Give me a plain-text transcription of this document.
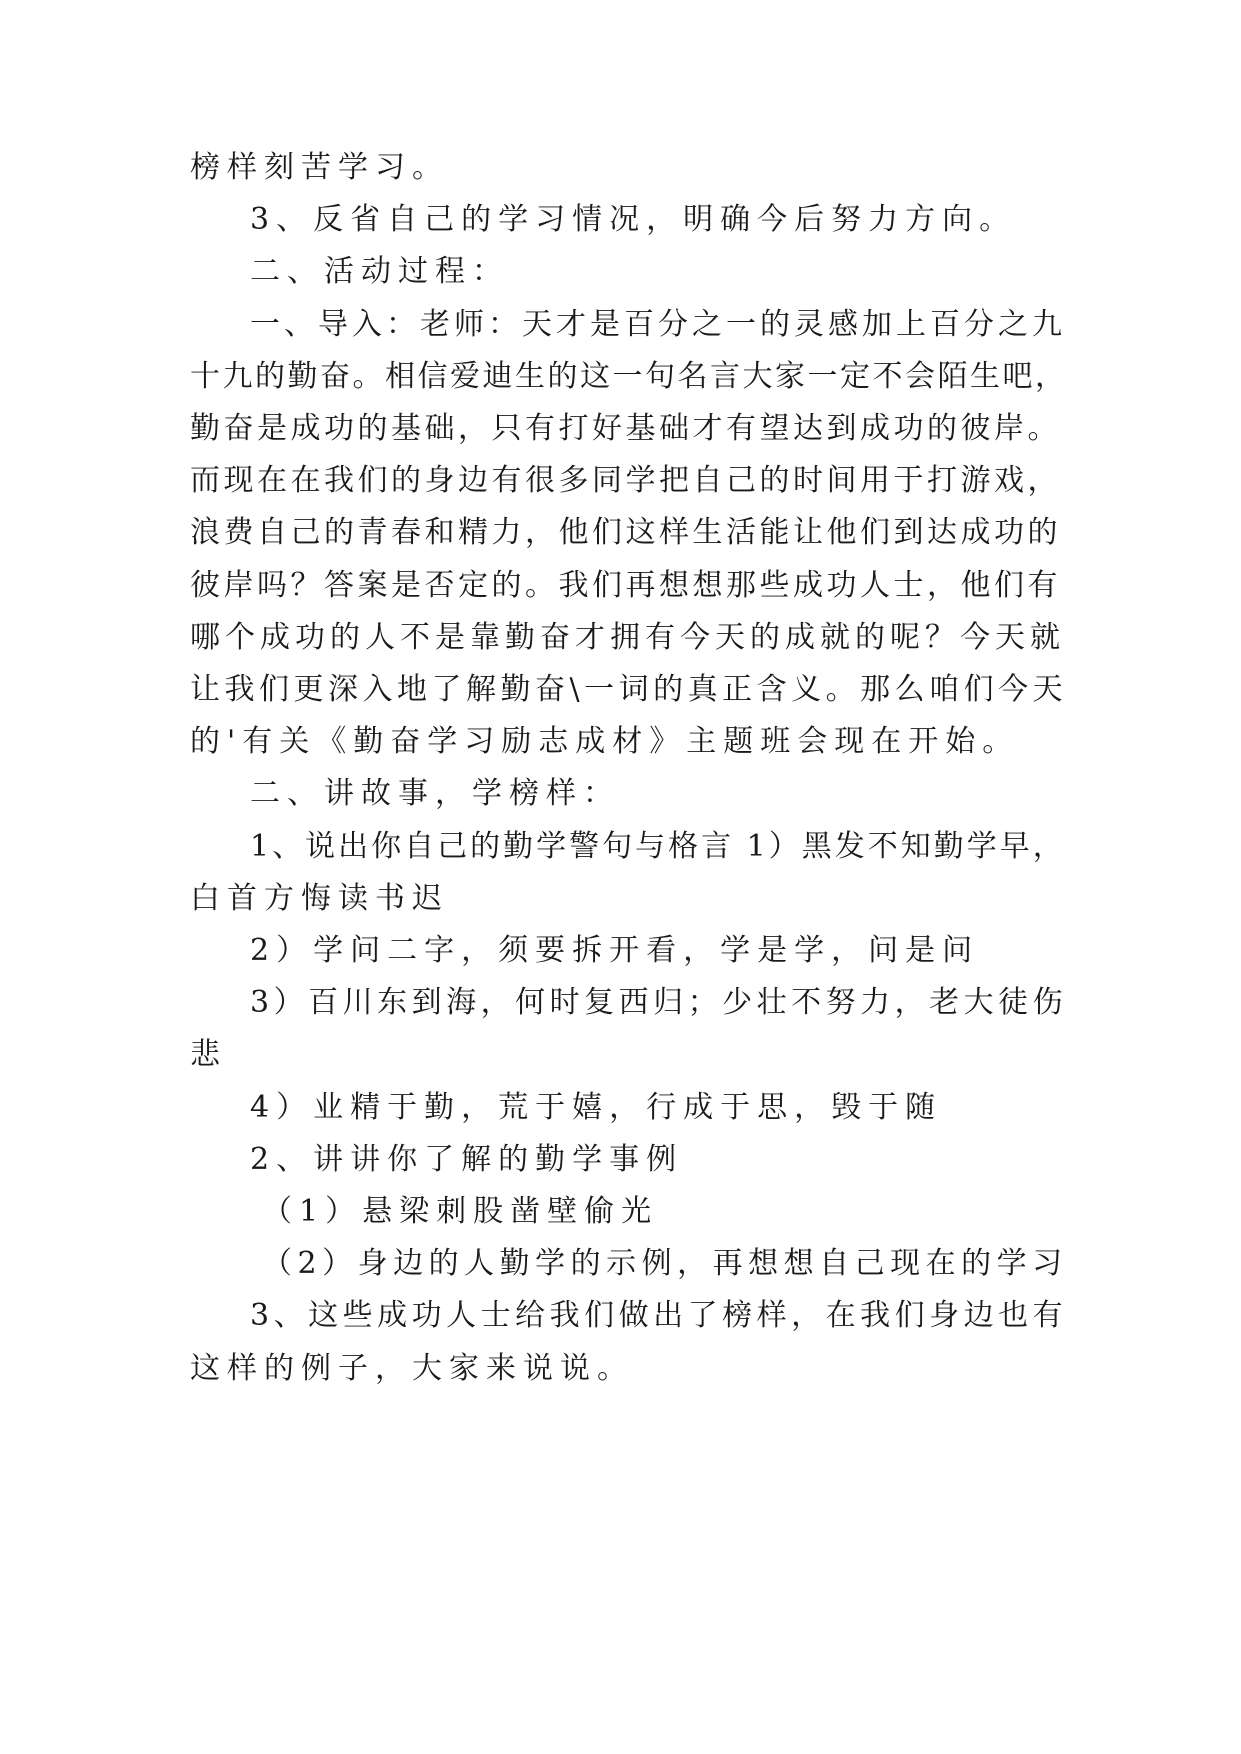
榜样刻苦学习。
3、反省自己的学习情况，明确今后努力方向。
二、活动过程：
一、导入：老师：天才是百分之一的灵感加上百分之九
十九的勤奋。相信爱迪生的这一句名言大家一定不会陌生吧，
勤奋是成功的基础，只有打好基础才有望达到成功的彼岸。
而现在在我们的身边有很多同学把自己的时间用于打游戏，
浪费自己的青春和精力，他们这样生活能让他们到达成功的
彼岸吗？答案是否定的。我们再想想那些成功人士，他们有
哪个成功的人不是靠勤奋才拥有今天的成就的呢？今天就
让我们更深入地了解勤奋\一词的真正含义。那么咱们今天
的'有关《勤奋学习励志成材》主题班会现在开始。
二、讲故事，学榜样：
1、说出你自己的勤学警句与格言 1）黑发不知勤学早，
白首方悔读书迟
2）学问二字，须要拆开看，学是学，问是问
3）百川东到海，何时复西归；少壮不努力，老大徒伤
悲
4）业精于勤，荒于嬉，行成于思，毁于随
2、讲讲你了解的勤学事例
（1）悬梁刺股凿壁偷光
（2）身边的人勤学的示例，再想想自己现在的学习
3、这些成功人士给我们做出了榜样，在我们身边也有
这样的例子，大家来说说。
